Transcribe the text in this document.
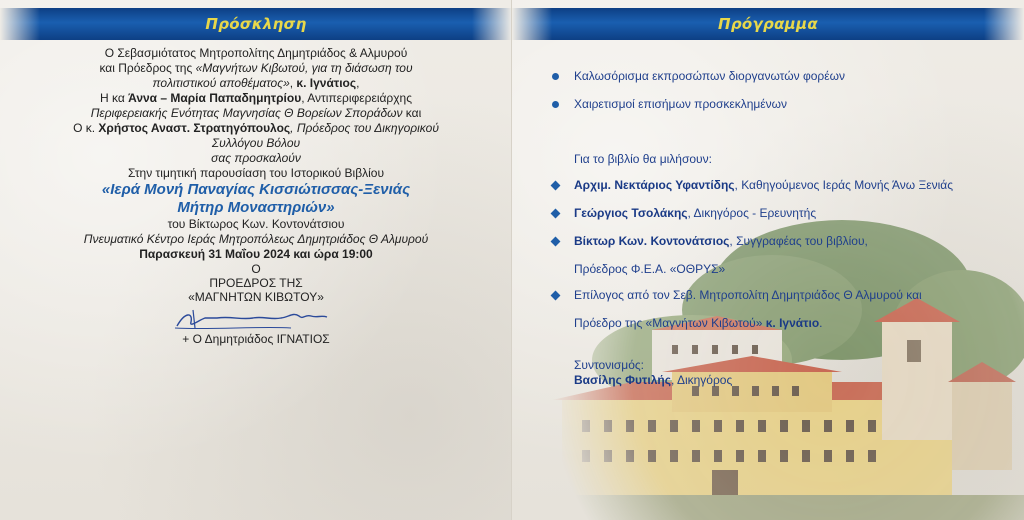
Πρόσκληση

Ο Σεβασμιότατος Μητροπολίτης Δημητριάδος & Αλμυρού
και Πρόεδρος της «Μαγνήτων Κιβωτού, για τη διάσωση του
πολιτιστικού αποθέματος», κ. Ιγνάτιος,

Η κα Άννα – Μαρία Παπαδημητρίου, Αντιπεριφερειάρχης
Περιφερειακής Ενότητας Μαγνησίας Θ Βορείων Σποράδων και

Ο κ. Χρήστος Αναστ. Στρατηγόπουλος, Πρόεδρος του Δικηγορικού
Συλλόγου Βόλου

σας προσκαλούν

Στην τιμητική παρουσίαση του Ιστορικού Βιβλίου

«Ιερά Μονή Παναγίας Κισσιώτισσας-Ξενιάς
Μήτηρ Μοναστηριών»

του Βίκτωρος Κων. Κοντονάτσιου

Πνευματικό Κέντρο Ιεράς Μητροπόλεως Δημητριάδος Θ Αλμυρού

Παρασκευή 31 Μαΐου 2024 και ώρα 19:00

Ο
ΠΡΟΕΔΡΟΣ ΤΗΣ
«ΜΑΓΝΗΤΩΝ ΚΙΒΩΤΟΥ»

+ Ο Δημητριάδος ΙΓΝΑΤΙΟΣ

Πρόγραμμα
Καλωσόρισμα εκπροσώπων διοργανωτών φορέων
Χαιρετισμοί επισήμων προσκεκλημένων
Για το βιβλίο θα μιλήσουν:
Αρχιμ. Νεκτάριος Υφαντίδης, Καθηγούμενος Ιεράς Μονής Άνω Ξενιάς
Γεώργιος Τσολάκης, Δικηγόρος - Ερευνητής
Βίκτωρ Κων. Κοντονάτσιος, Συγγραφέας του βιβλίου,
Πρόεδρος Φ.Ε.Α. «ΟΘΡΥΣ»
Επίλογος από τον Σεβ. Μητροπολίτη Δημητριάδος Θ Αλμυρού και
Πρόεδρο της «Μαγνήτων Κιβωτού» κ. Ιγνάτιο.
Συντονισμός:
Βασίλης Φυτιλής, Δικηγόρος
